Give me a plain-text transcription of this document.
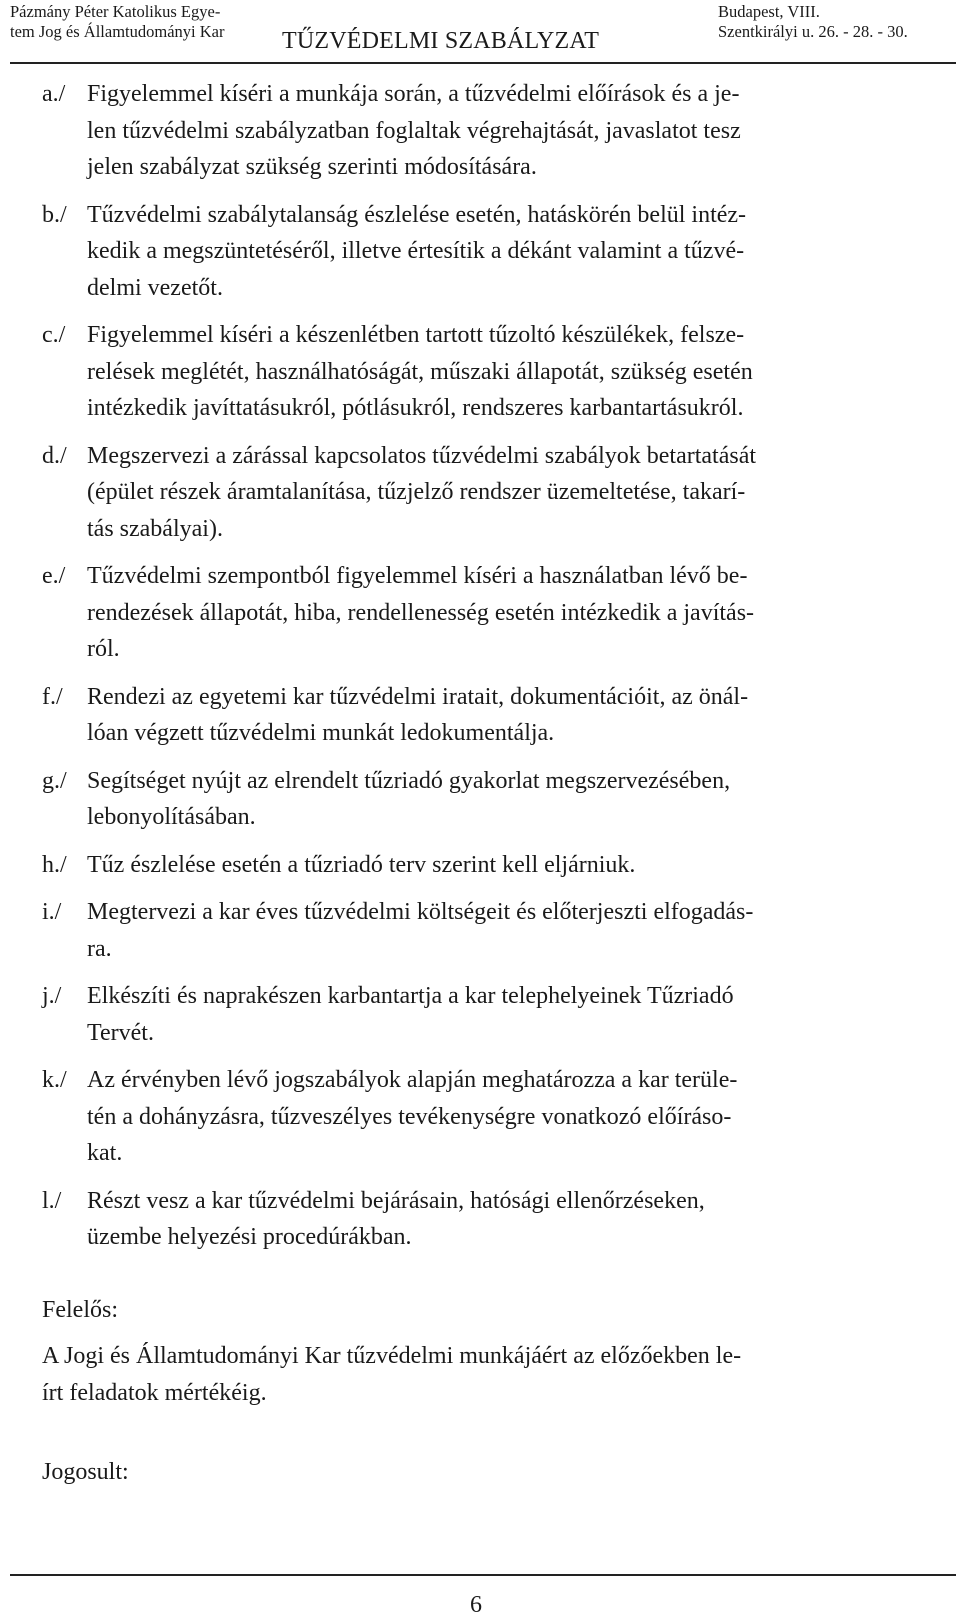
Pázmány Péter Katolikus Egye-
tem Jog és Államtudományi Kar	TŰZVÉDELMI SZABÁLYZAT
Budapest, VIII.
Szentkirályi u. 26. - 28. - 30.
a./ Figyelemmel kíséri a munkája során, a tűzvédelmi előírások és a je-
len tűzvédelmi szabályzatban foglaltak végrehajtását, javaslatot tesz
jelen szabályzat szükség szerinti módosítására.
b./ Tűzvédelmi szabálytalanság észlelése esetén, hatáskörén belül intéz-
kedik a megszüntetéséről, illetve értesítik a dékánt valamint a tűzvé-
delmi vezetőt.
c./ Figyelemmel kíséri a készenlétben tartott tűzoltó készülékek, felsze-
relések meglétét, használhatóságát, műszaki állapotát, szükség esetén
intézkedik javíttatásukról, pótlásukról, rendszeres karbantartásukról.
d./ Megszervezi a zárással kapcsolatos tűzvédelmi szabályok betartatását
(épület részek áramtalanítása, tűzjelző rendszer üzemeltetése, takarí-
tás szabályai).
e./ Tűzvédelmi szempontból figyelemmel kíséri a használatban lévő be-
rendezések állapotát, hiba, rendellenesség esetén intézkedik a javítás-
ról.
f./ Rendezi az egyetemi kar tűzvédelmi iratait, dokumentációit, az önál-
lóan végzett tűzvédelmi munkát ledokumentálja.
g./ Segítséget nyújt az elrendelt tűzriadó gyakorlat megszervezésében,
lebonyolításában.
h./ Tűz észlelése esetén a tűzriadó terv szerint kell eljárniuk.
i./ Megtervezi a kar éves tűzvédelmi költségeit és előterjeszti elfogadás-
ra.
j./ Elkészíti és naprakészen karbantartja a kar telephelyeinek Tűzriadó
Tervét.
k./ Az érvényben lévő jogszabályok alapján meghatározza a kar terüle-
tén a dohányzásra, tűzveszélyes tevékenységre vonatkozó előíráso-
kat.
l./ Részt vesz a kar tűzvédelmi bejárásain, hatósági ellenőrzéseken,
üzembe helyezési procedúrákban.
Felelős:
A Jogi és Államtudományi Kar tűzvédelmi munkájáért az előzőekben le-
írt feladatok mértékéig.
Jogosult:
6
